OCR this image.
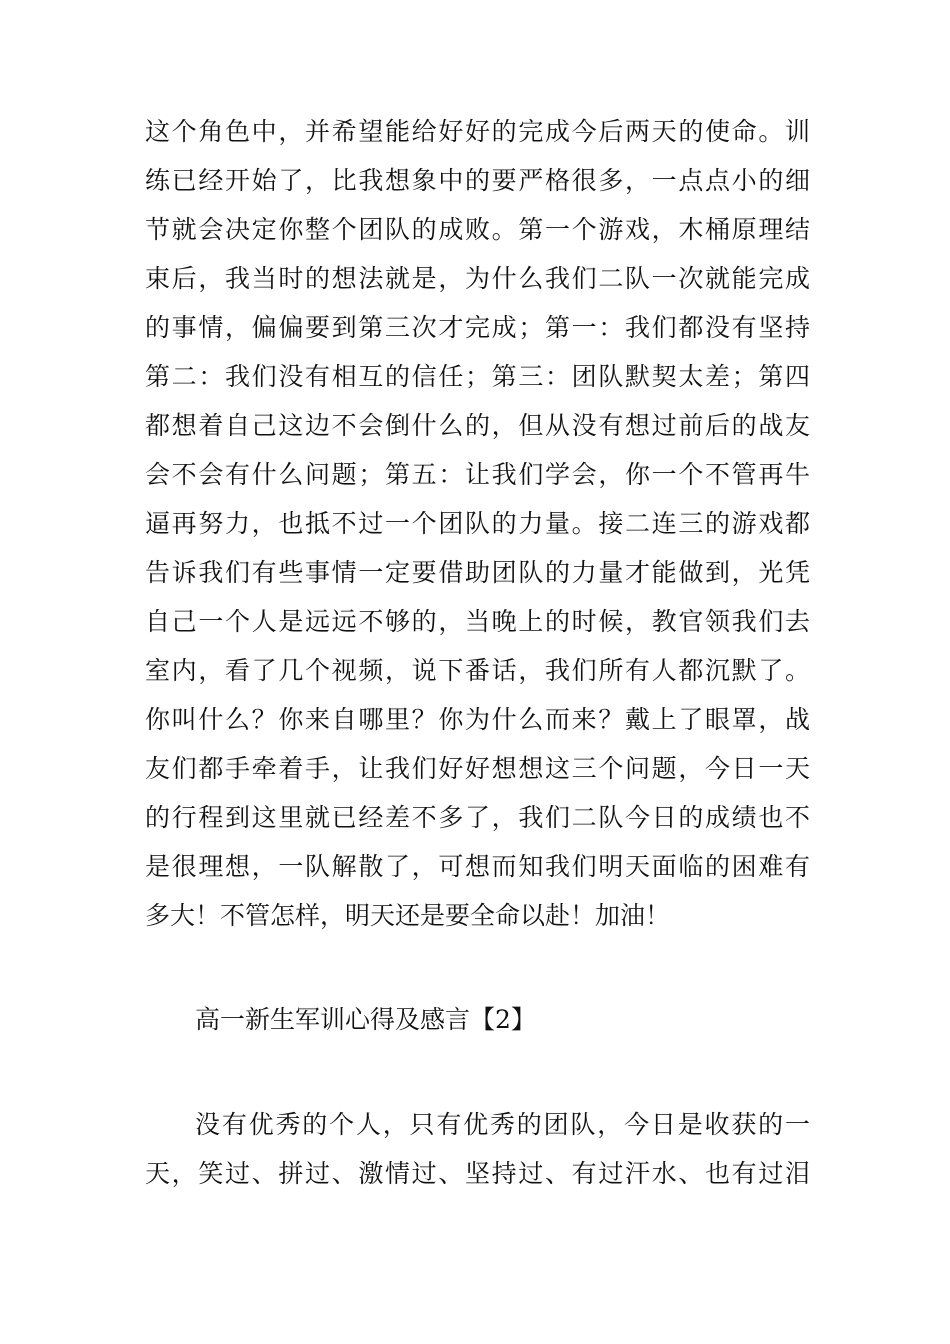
这个角色中，并希望能给好好的完成今后两天的使命。训
练已经开始了，比我想象中的要严格很多，一点点小的细
节就会决定你整个团队的成败。第一个游戏，木桶原理结
束后，我当时的想法就是，为什么我们二队一次就能完成
的事情，偏偏要到第三次才完成；第一：我们都没有坚持
第二：我们没有相互的信任；第三：团队默契太差；第四
都想着自己这边不会倒什么的，但从没有想过前后的战友
会不会有什么问题；第五：让我们学会，你一个不管再牛
逼再努力，也抵不过一个团队的力量。接二连三的游戏都
告诉我们有些事情一定要借助团队的力量才能做到，光凭
自己一个人是远远不够的，当晚上的时候，教官领我们去
室内，看了几个视频，说下番话，我们所有人都沉默了。
你叫什么？你来自哪里？你为什么而来？戴上了眼罩，战
友们都手牵着手，让我们好好想想这三个问题，今日一天
的行程到这里就已经差不多了，我们二队今日的成绩也不
是很理想，一队解散了，可想而知我们明天面临的困难有
多大！不管怎样，明天还是要全命以赴！加油！
高一新生军训心得及感言【2】
没有优秀的个人，只有优秀的团队，今日是收获的一
天，笑过、拼过、激情过、坚持过、有过汗水、也有过泪
